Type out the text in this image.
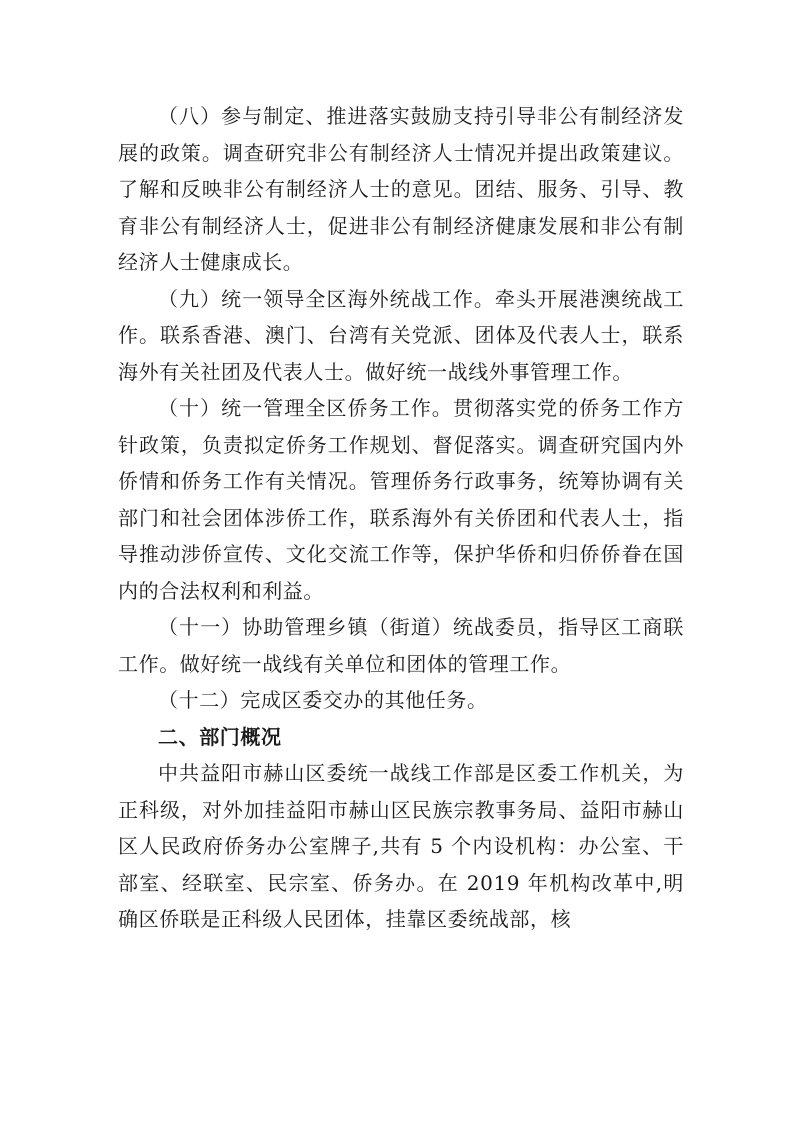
（八）参与制定、推进落实鼓励支持引导非公有制经济发展的政策。调查研究非公有制经济人士情况并提出政策建议。了解和反映非公有制经济人士的意见。团结、服务、引导、教育非公有制经济人士，促进非公有制经济健康发展和非公有制经济人士健康成长。

（九）统一领导全区海外统战工作。牵头开展港澳统战工作。联系香港、澳门、台湾有关党派、团体及代表人士，联系海外有关社团及代表人士。做好统一战线外事管理工作。

（十）统一管理全区侨务工作。贯彻落实党的侨务工作方针政策，负责拟定侨务工作规划、督促落实。调查研究国内外侨情和侨务工作有关情况。管理侨务行政事务，统筹协调有关部门和社会团体涉侨工作，联系海外有关侨团和代表人士，指导推动涉侨宣传、文化交流工作等，保护华侨和归侨侨眷在国内的合法权利和利益。

（十一）协助管理乡镇（街道）统战委员，指导区工商联工作。做好统一战线有关单位和团体的管理工作。

（十二）完成区委交办的其他任务。

二、部门概况

中共益阳市赫山区委统一战线工作部是区委工作机关，为正科级，对外加挂益阳市赫山区民族宗教事务局、益阳市赫山区人民政府侨务办公室牌子,共有 5 个内设机构：办公室、干部室、经联室、民宗室、侨务办。在 2019 年机构改革中,明确区侨联是正科级人民团体，挂靠区委统战部，核
